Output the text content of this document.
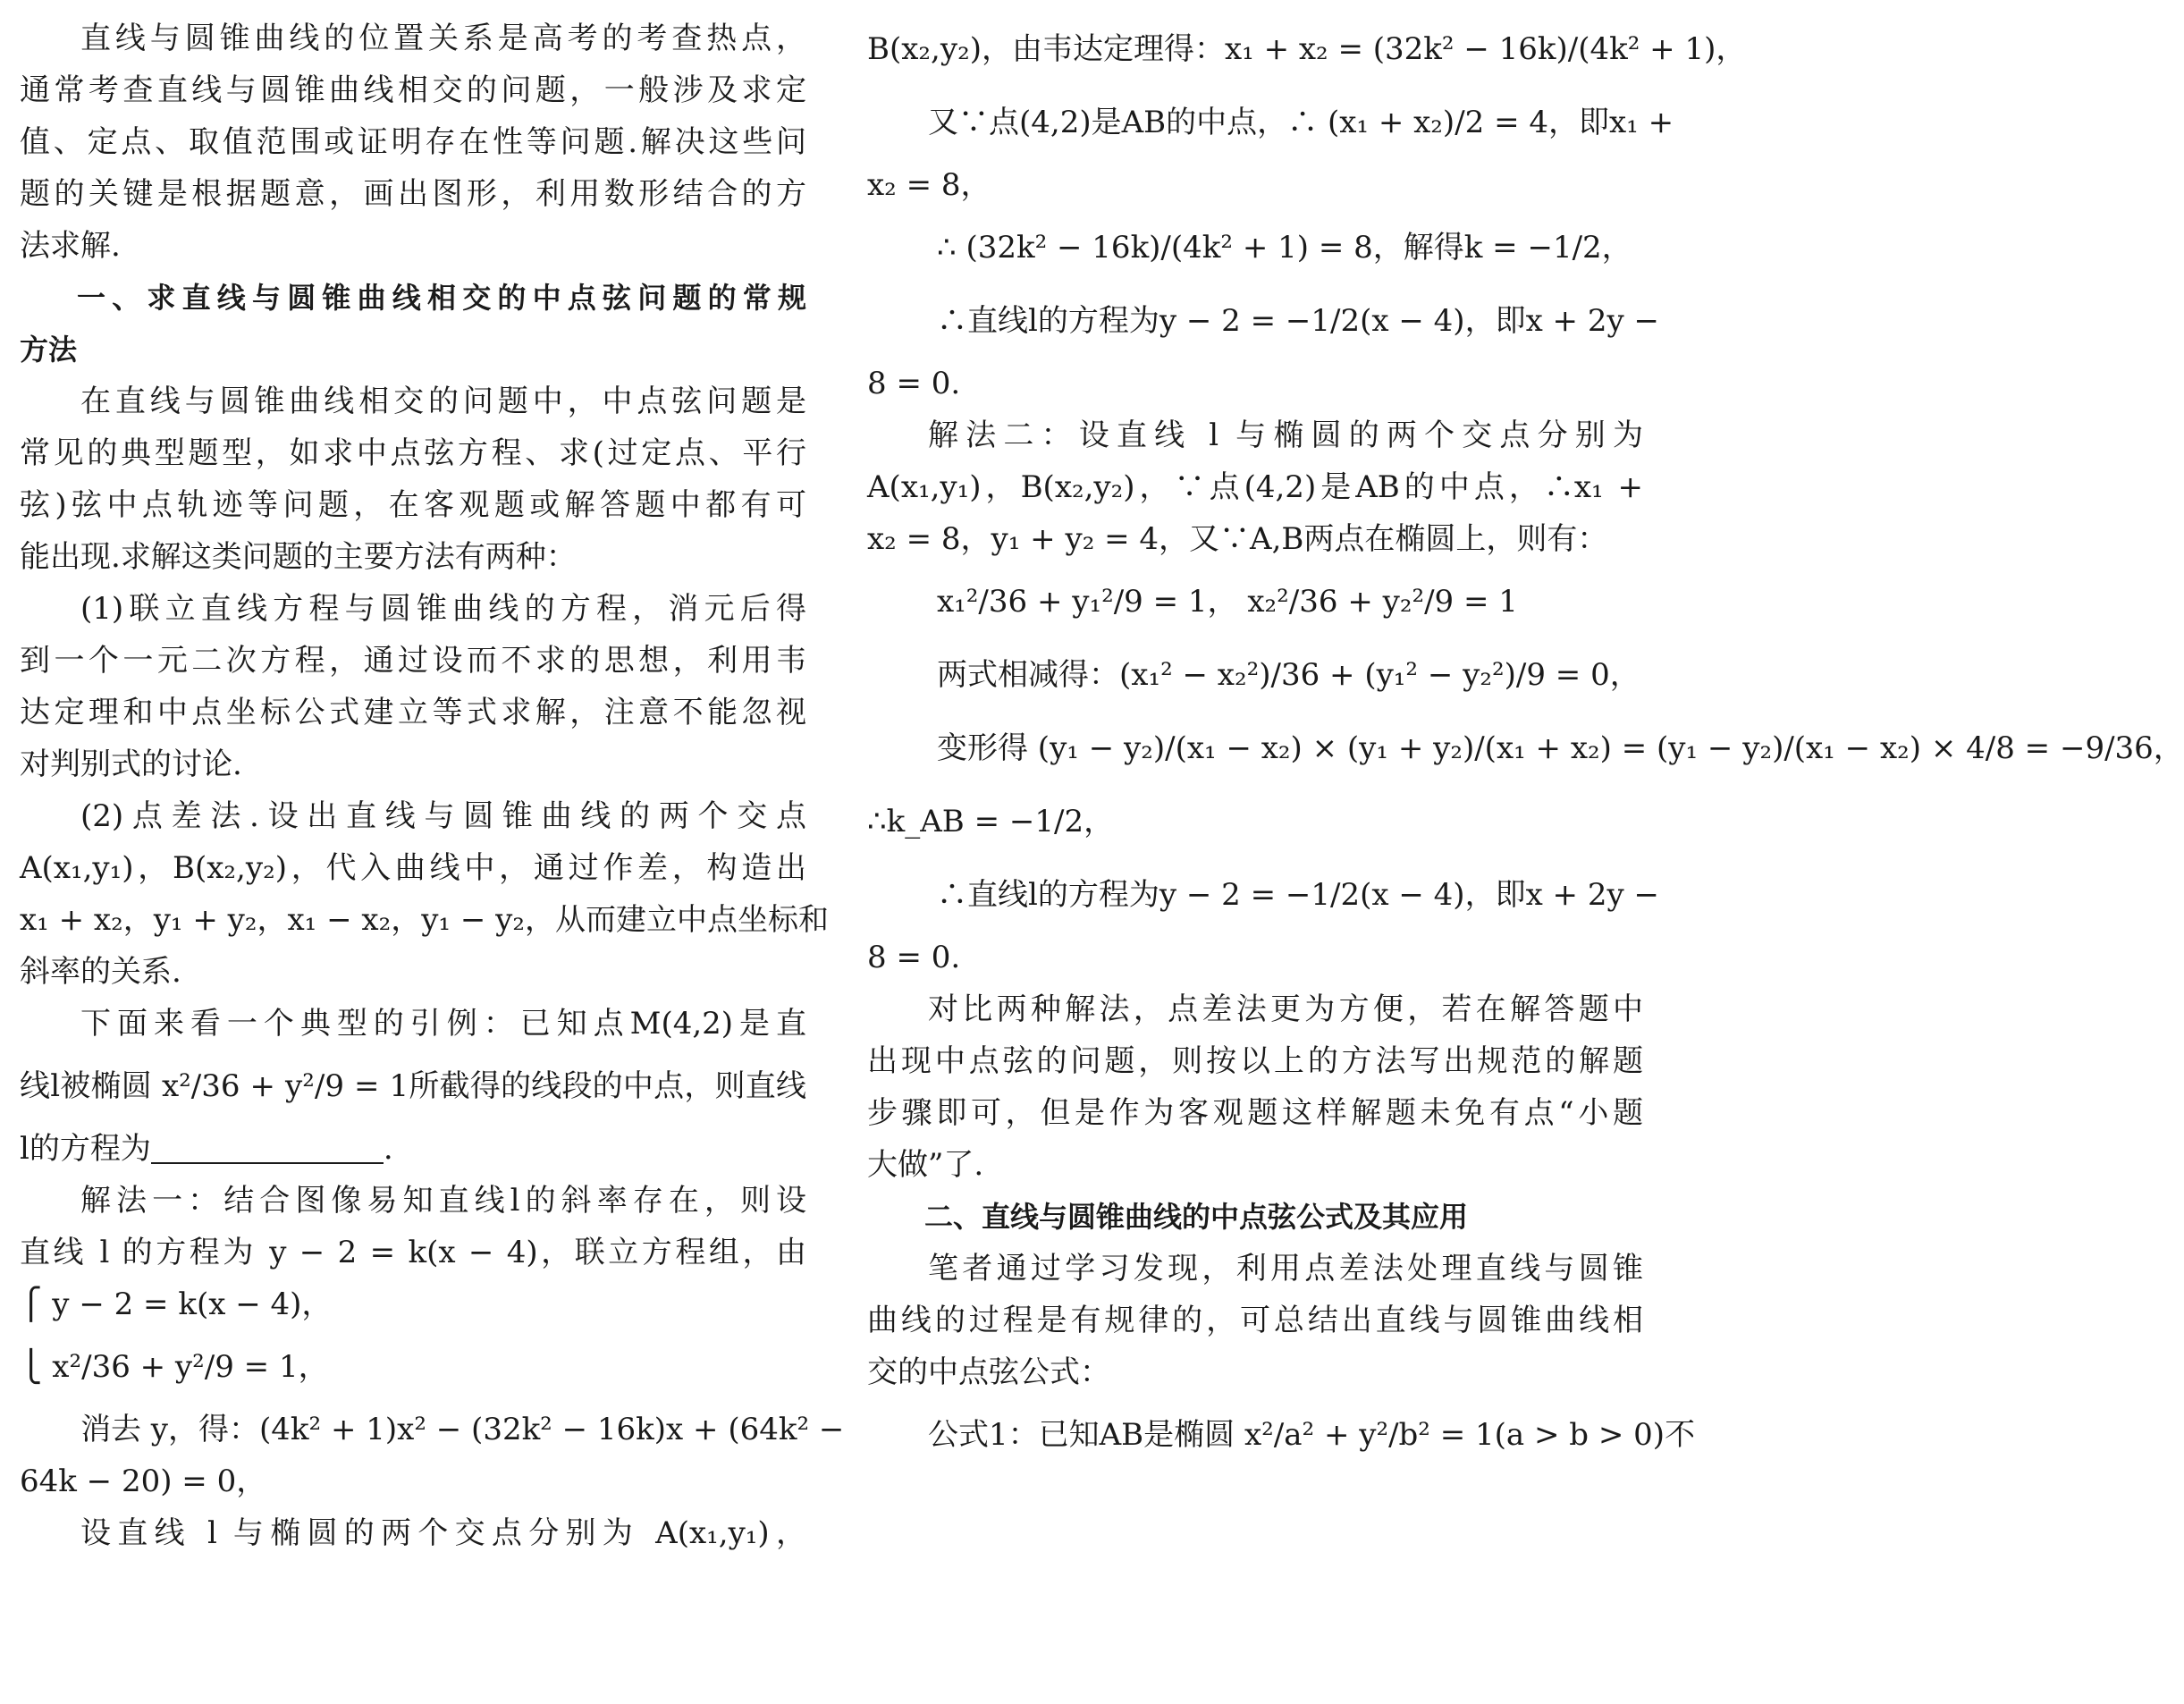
直线与圆锥曲线的位置关系是高考的考查热点，
通常考查直线与圆锥曲线相交的问题，一般涉及求定
值、定点、取值范围或证明存在性等问题.解决这些问
题的关键是根据题意，画出图形，利用数形结合的方
法求解.
一、求直线与圆锥曲线相交的中点弦问题的常规
方法
在直线与圆锥曲线相交的问题中，中点弦问题是
常见的典型题型，如求中点弦方程、求(过定点、平行
弦)弦中点轨迹等问题，在客观题或解答题中都有可
能出现.求解这类问题的主要方法有两种：
(1)联立直线方程与圆锥曲线的方程，消元后得
到一个一元二次方程，通过设而不求的思想，利用韦
达定理和中点坐标公式建立等式求解，注意不能忽视
对判别式的讨论.
(2)点差法.设出直线与圆锥曲线的两个交点
A(x₁,y₁)，B(x₂,y₂)，代入曲线中，通过作差，构造出
x₁ + x₂，y₁ + y₂，x₁ − x₂，y₁ − y₂，从而建立中点坐标和
斜率的关系.
下面来看一个典型的引例：已知点M(4,2)是直
线l被椭圆 x²/36 + y²/9 = 1所截得的线段的中点，则直线
l的方程为	.
解法一：结合图像易知直线l的斜率存在，则设
直线 l 的方程为 y − 2 = k(x − 4)，联立方程组，由
⎧ y − 2 = k(x − 4)，
⎩ x²/36 + y²/9 = 1，
消去 y，得：(4k² + 1)x² − (32k² − 16k)x + (64k² −
64k − 20) = 0，
设直线 l 与椭圆的两个交点分别为 A(x₁,y₁)，
B(x₂,y₂)，由韦达定理得：x₁ + x₂ = (32k² − 16k)/(4k² + 1)，
又∵点(4,2)是AB的中点，∴ (x₁ + x₂)/2 = 4，即x₁ +
x₂ = 8，
∴ (32k² − 16k)/(4k² + 1) = 8，解得k = −1/2，
∴直线l的方程为y − 2 = −1/2(x − 4)，即x + 2y −
8 = 0.
解法二：设直线 l 与椭圆的两个交点分别为
A(x₁,y₁)，B(x₂,y₂)，∵点(4,2)是AB的中点，∴x₁ +
x₂ = 8，y₁ + y₂ = 4，又∵A,B两点在椭圆上，则有：
x₁²/36 + y₁²/9 = 1， x₂²/36 + y₂²/9 = 1
两式相减得：(x₁² − x₂²)/36 + (y₁² − y₂²)/9 = 0，
变形得 (y₁ − y₂)/(x₁ − x₂) × (y₁ + y₂)/(x₁ + x₂) = (y₁ − y₂)/(x₁ − x₂) × 4/8 = −9/36，
∴k_AB = −1/2，
∴直线l的方程为y − 2 = −1/2(x − 4)，即x + 2y −
8 = 0.
对比两种解法，点差法更为方便，若在解答题中
出现中点弦的问题，则按以上的方法写出规范的解题
步骤即可，但是作为客观题这样解题未免有点“小题
大做”了.
二、直线与圆锥曲线的中点弦公式及其应用
笔者通过学习发现，利用点差法处理直线与圆锥
曲线的过程是有规律的，可总结出直线与圆锥曲线相
交的中点弦公式：
公式1：已知AB是椭圆 x²/a² + y²/b² = 1(a > b > 0)不
